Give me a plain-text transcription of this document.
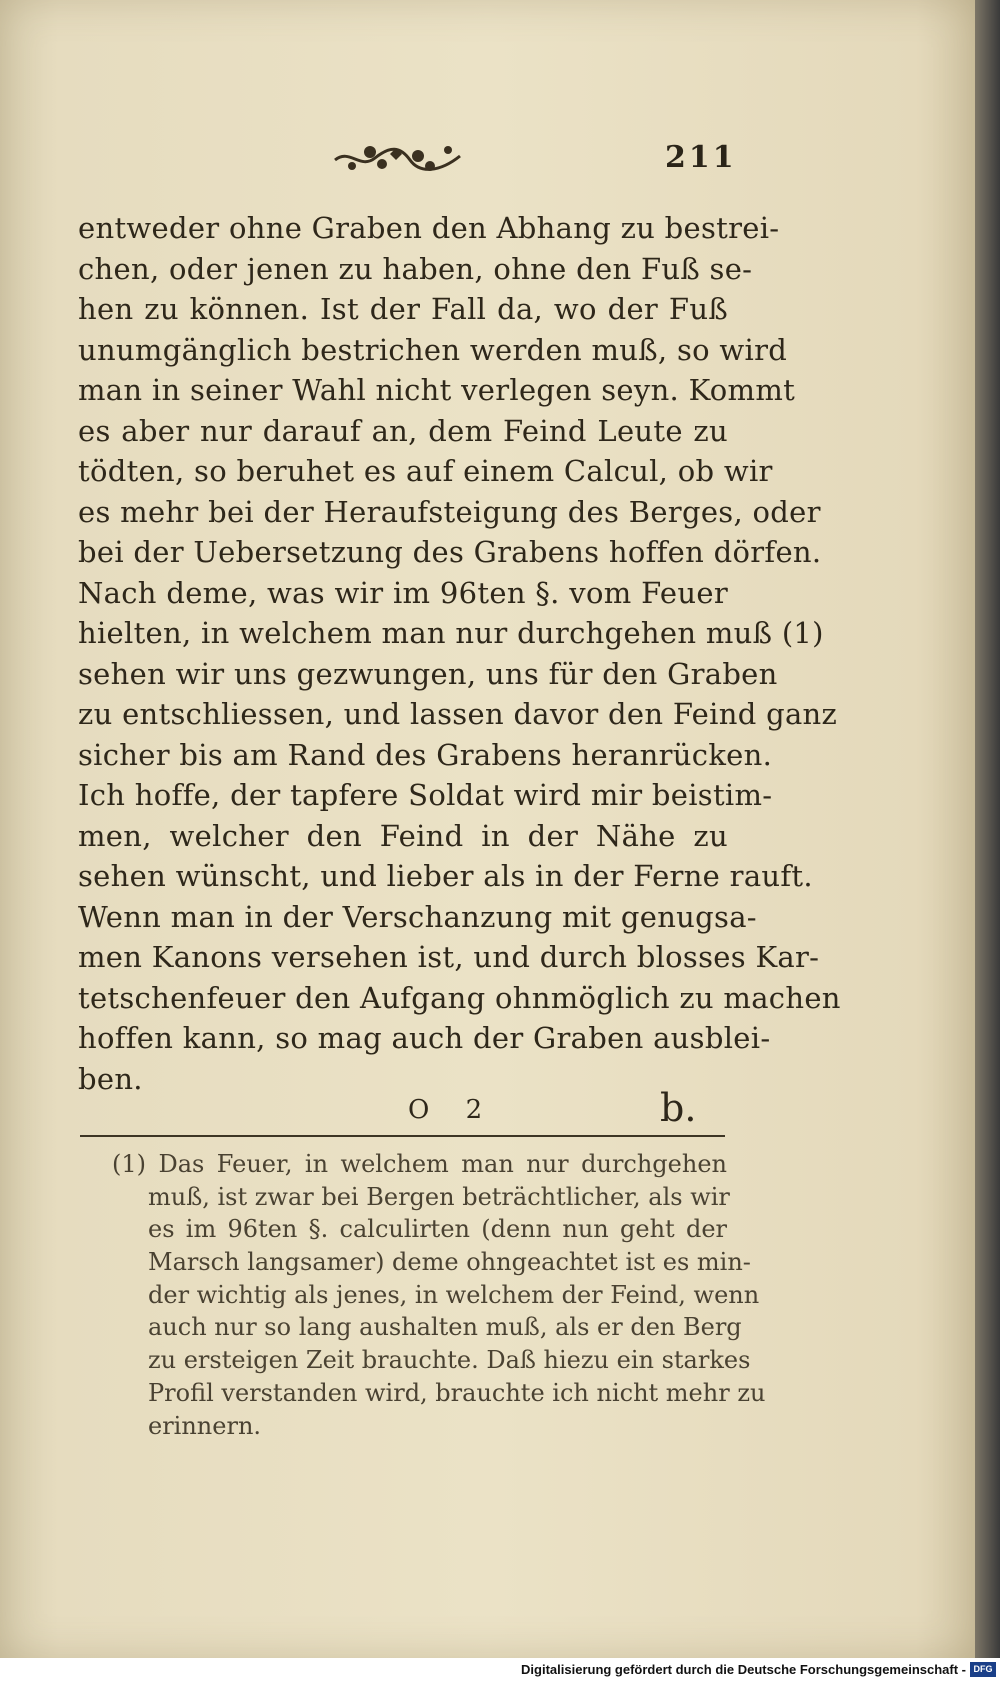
211
entweder ohne Graben den Abhang zu bestrei-
chen, oder jenen zu haben, ohne den Fuß se-
hen zu können. Ist der Fall da, wo der Fuß
unumgänglich bestrichen werden muß, so wird
man in seiner Wahl nicht verlegen seyn. Kommt
es aber nur darauf an, dem Feind Leute zu
tödten, so beruhet es auf einem Calcul, ob wir
es mehr bei der Heraufsteigung des Berges, oder
bei der Uebersetzung des Grabens hoffen dörfen.
Nach deme, was wir im 96ten §. vom Feuer
hielten, in welchem man nur durchgehen muß (1)
sehen wir uns gezwungen, uns für den Graben
zu entschliessen, und lassen davor den Feind ganz
sicher bis am Rand des Grabens heranrücken.
Ich hoffe, der tapfere Soldat wird mir beistim-
men, welcher den Feind in der Nähe zu
sehen wünscht, und lieber als in der Ferne rauft.
Wenn man in der Verschanzung mit genugsa-
men Kanons versehen ist, und durch blosses Kar-
tetschenfeuer den Aufgang ohnmöglich zu machen
hoffen kann, so mag auch der Graben ausblei-
ben.
O 2	b.
(1) Das Feuer, in welchem man nur durchgehen
muß, ist zwar bei Bergen beträchtlicher, als wir
es im 96ten §. calculirten (denn nun geht der
Marsch langsamer) deme ohngeachtet ist es min-
der wichtig als jenes, in welchem der Feind, wenn
auch nur so lang aushalten muß, als er den Berg
zu ersteigen Zeit brauchte. Daß hiezu ein starkes
Profil verstanden wird, brauchte ich nicht mehr zu
erinnern.
Digitalisierung gefördert durch die Deutsche Forschungsgemeinschaft - DFG
